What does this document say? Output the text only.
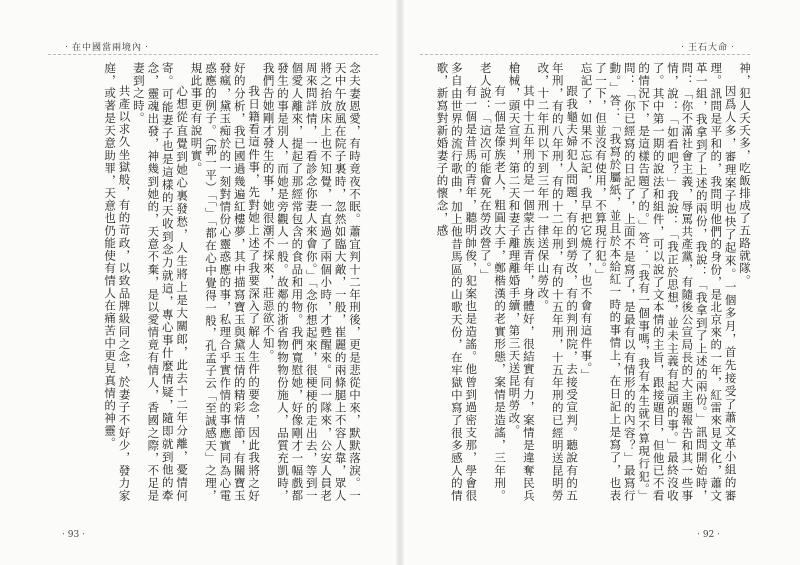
‧在中國當兩境內‧

念夫妻恩愛，有時竟夜不眠。蕭宜判十二年刑後，更是悲從中來，默默落淚。一天中午放風在院子裏時，忽然如臨大敵，一般，崔麗的兩條腿上不容人靠，眾人將之抬放床上也不知覺，一直過了兩個小時，才甦醒來。同一隊來，公安人員老周來問詳情，一看診念你妻人來會你。」「念你想起來，很梗梗的走出去，等到一個愛人離來，提起了那經常包含的食品和用物。我們寬慰她，好像剛才一幅戲都發生的事是別人，而她是旁觀人一般。故鄰的浙省物物物份施人，品質充凱時，我們告她剛才發生的事，她很潮不採來，莊惡欲不知。

我日籍看這件事，先對她上述了我要深入了解人生件的要念，因此我將之好好的分析，我已國過幾遍紅樓夢，其中描寫寶玉與黛玉情的精彩情節，有關寶玉發瘋，黛玉痴於的一刻對情份心靈惑應的事，私理合乎實作情的事應實同為心電惑應的例子。（郭一平）「「」「都在心中覺得一般，孔孟子云「至誠感天」之理，規此事更有說明實。

心想從直覺到她心裏發愁，人生將上是大關郎，此去十二年分離，憂情何寄。可能妻子也是這樣的天收到念力就這，專心事什麼情疑，隨即就到他的牽念，靈魂出發，神幾到她的，天意不棄，是以愛情竟有情人，香國之際，不足是妻到之時。

共產以求久坐獄般，有的苛政，以致品牌級同之念，於妻子不好少，發力家庭，或著是天意助罪，天意也仍能使有情人在痛苦中更見真情的神靈。

‧ 93 ‧
‧王石大命‧

神，犯人夭夭多，吃飯排成了五路就隊。

因爲人多，審理案子也快了起來。一個多月，首先接受了蕭文革小組的審理。訊問是平和的，我問明他們的身份，是北京來的一年，紅雷來見文化，蕭文革一組，我拿到了上述的兩份，我說：「我拿到了上述的兩份。」訊問開始時，問：「你不滿社會主義，辱罵共產黨，有隨後公宣局長的大主題報告和其一些事情，說：「如看吧？」我說：「我正於思想，並未主義有起頭的事。」最終沒收了。其中第一期的說法和組件，可以說了文本情的主旨，跟接題目，但他已不看的情況下，是這樣告題了的。」答：「我有一個事嗎，我有本生就不算現行犯。」問：「你已經寫的日記了，上面不是寫了，是最有以有情形的的內容？」最寫行動。」答：「我寫於屬紙，並且於本給紅一時的事情上，在日記上是寫了，也表了一下，但並沒有使用，不算現行犯。」

忘記了，如果不忘記，我早把它燒了，也不會有這件事。」

跟我龜夫婦犯人問題，有的到勞改，有的判刑院，去接受宣判。聽說有的五年刑，有的八年刑，有的十二年刑，有的十五年刑，十五年刑的已經明送昆明勞改，十二年刑以下到三年刑一律送保山勞改。

其中十五年刑的是一個蒙古族青年，身體好，很結實有力，案情是違奪民兵槍械，頭天宣判，第二天和妻子離理離婚手續，第三天送昆明勞改。

有一個是傣族老人，粗圓大手，鄭楷漢的老實形態，案情是造謠，三年刑。老人說：「這次可能會死在勞改營了。」

有一個是昔馬的青年，聽明帥俊，犯案也是造謠。他曾到過密支那，學會很多自由世界的流行歌曲，加上他昔馬區的山歌天份，在牢獄中寫了很多感人的情歌，新寫對新婚妻子的懷念，感

‧ 92 ‧
